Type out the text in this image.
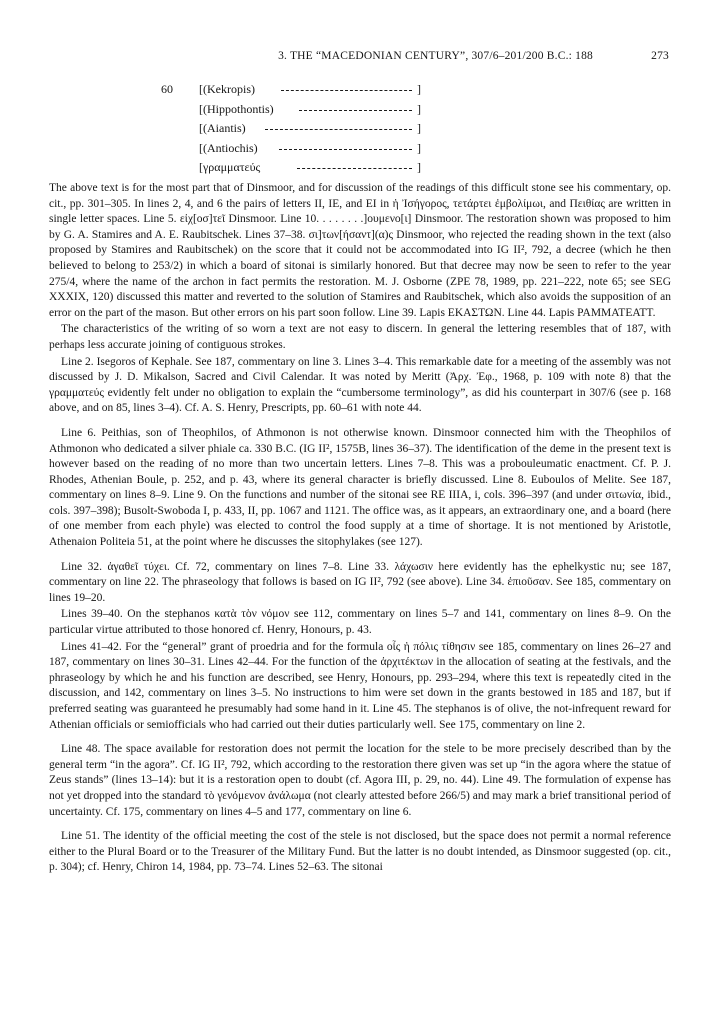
3. THE “MACEDONIAN CENTURY”, 307/6–201/200 B.C.: 188	273
60 [(Kekropis)	]
[(Hippothontis)	]
[(Aiantis)	]
[(Antiochis)	]
[γραμματεύς	]

The above text is for the most part that of Dinsmoor, and for discussion of the readings of this difficult stone see his commentary, op. cit., pp. 301–305. In lines 2, 4, and 6 the pairs of letters ΙΙ, ΙΕ, and ΕΙ in ἡ Ἰσήγορος, τετάρτει ἐμβολίμωι, and Πειθίας are written in single letter spaces. Line 5. εἰχ[οσ]τεῖ Dinsmoor. Line 10. . . . . . . .]ουμενο[ι] Dinsmoor. The restoration shown was proposed to him by G. A. Stamires and A. E. Raubitschek. Lines 37–38. σι]των[ήσαντ](α)ς Dinsmoor, who rejected the reading shown in the text (also proposed by Stamires and Raubitschek) on the score that it could not be accommodated into IG II², 792, a decree (which he then believed to belong to 253/2) in which a board of sitonai is similarly honored. But that decree may now be seen to refer to the year 275/4, where the name of the archon in fact permits the restoration. M. J. Osborne (ZPE 78, 1989, pp. 221–222, note 65; see SEG XXXIX, 120) discussed this matter and reverted to the solution of Stamires and Raubitschek, which also avoids the supposition of an error on the part of the mason. But other errors on his part soon follow. Line 39. Lapis ΕΚΑΣΤΩΝ. Line 44. Lapis ΡΑΜΜΑΤΕΑΤΤ.

The characteristics of the writing of so worn a text are not easy to discern. In general the lettering resembles that of 187, with perhaps less accurate joining of contiguous strokes.

Line 2. Isegoros of Kephale. See 187, commentary on line 3. Lines 3–4. This remarkable date for a meeting of the assembly was not discussed by J. D. Mikalson, Sacred and Civil Calendar. It was noted by Meritt (Ἀρχ. Ἐφ., 1968, p. 109 with note 8) that the γραμματεύς evidently felt under no obligation to explain the “cumbersome terminology”, as did his counterpart in 307/6 (see p. 168 above, and on 85, lines 3–4). Cf. A. S. Henry, Prescripts, pp. 60–61 with note 44.

Line 6. Peithias, son of Theophilos, of Athmonon is not otherwise known. Dinsmoor connected him with the Theophilos of Athmonon who dedicated a silver phiale ca. 330 B.C. (IG II², 1575B, lines 36–37). The identification of the deme in the present text is however based on the reading of no more than two uncertain letters. Lines 7–8. This was a probouleumatic enactment. Cf. P. J. Rhodes, Athenian Boule, p. 252, and p. 43, where its general character is briefly discussed. Line 8. Euboulos of Melite. See 187, commentary on lines 8–9. Line 9. On the functions and number of the sitonai see RE IIIA, i, cols. 396–397 (and under σιτωνία, ibid., cols. 397–398); Busolt-Swoboda I, p. 433, II, pp. 1067 and 1121. The office was, as it appears, an extraordinary one, and a board (here of one member from each phyle) was elected to control the food supply at a time of shortage. It is not mentioned by Aristotle, Athenaion Politeia 51, at the point where he discusses the sitophylakes (see 127).

Line 32. ἀγαθεῖ τύχει. Cf. 72, commentary on lines 7–8. Line 33. λάχωσιν here evidently has the ephelkystic nu; see 187, commentary on line 22. The phraseology that follows is based on IG II², 792 (see above). Line 34. ἐπιοῦσαν. See 185, commentary on lines 19–20.

Lines 39–40. On the stephanos κατὰ τὸν νόμον see 112, commentary on lines 5–7 and 141, commentary on lines 8–9. On the particular virtue attributed to those honored cf. Henry, Honours, p. 43.

Lines 41–42. For the “general” grant of proedria and for the formula οἷς ἡ πόλις τίθησιν see 185, commentary on lines 26–27 and 187, commentary on lines 30–31. Lines 42–44. For the function of the ἀρχιτέκτων in the allocation of seating at the festivals, and the phraseology by which he and his function are described, see Henry, Honours, pp. 293–294, where this text is repeatedly cited in the discussion, and 142, commentary on lines 3–5. No instructions to him were set down in the grants bestowed in 185 and 187, but if preferred seating was guaranteed he presumably had some hand in it. Line 45. The stephanos is of olive, the not-infrequent reward for Athenian officials or semiofficials who had carried out their duties particularly well. See 175, commentary on line 2.

Line 48. The space available for restoration does not permit the location for the stele to be more precisely described than by the general term “in the agora”. Cf. IG II², 792, which according to the restoration there given was set up “in the agora where the statue of Zeus stands” (lines 13–14): but it is a restoration open to doubt (cf. Agora III, p. 29, no. 44). Line 49. The formulation of expense has not yet dropped into the standard τὸ γενόμενον ἀνάλωμα (not clearly attested before 266/5) and may mark a brief transitional period of uncertainty. Cf. 175, commentary on lines 4–5 and 177, commentary on line 6.

Line 51. The identity of the official meeting the cost of the stele is not disclosed, but the space does not permit a normal reference either to the Plural Board or to the Treasurer of the Military Fund. But the latter is no doubt intended, as Dinsmoor suggested (op. cit., p. 304); cf. Henry, Chiron 14, 1984, pp. 73–74. Lines 52–63. The sitonai
